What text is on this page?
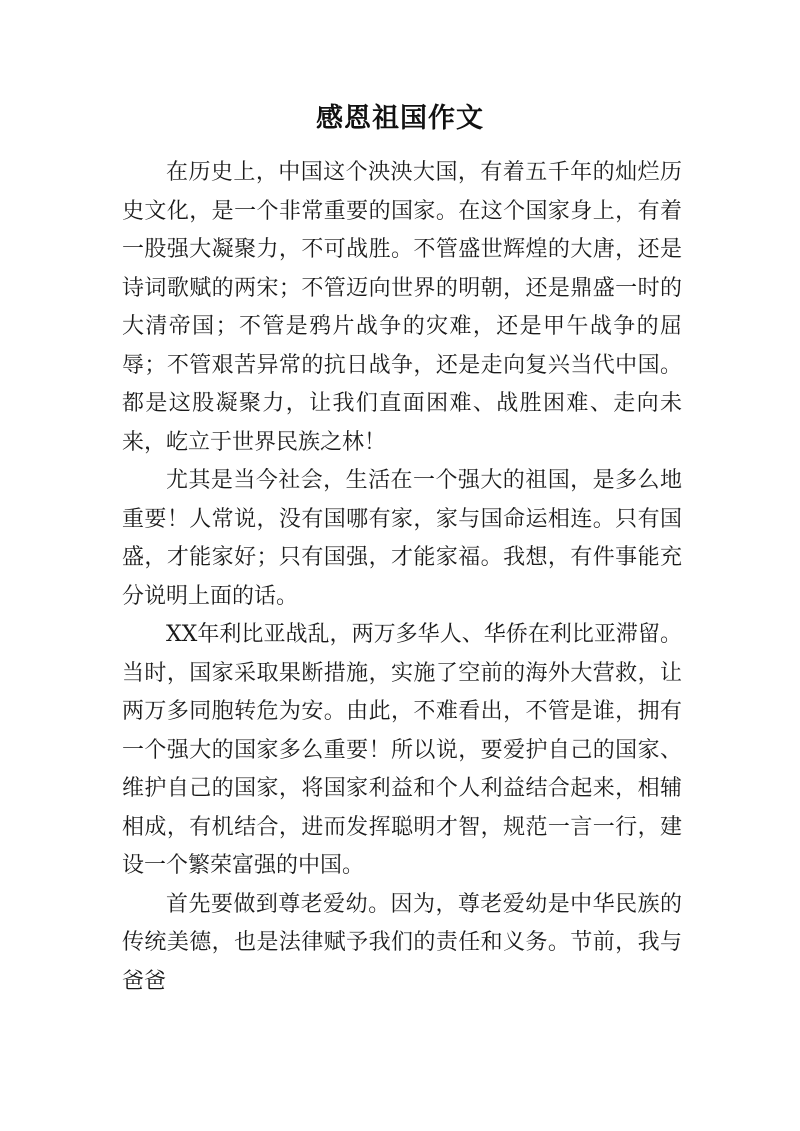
感恩祖国作文

在历史上，中国这个泱泱大国，有着五千年的灿烂历史文化，是一个非常重要的国家。在这个国家身上，有着一股强大凝聚力，不可战胜。不管盛世辉煌的大唐，还是诗词歌赋的两宋；不管迈向世界的明朝，还是鼎盛一时的大清帝国；不管是鸦片战争的灾难，还是甲午战争的屈辱；不管艰苦异常的抗日战争，还是走向复兴当代中国。都是这股凝聚力，让我们直面困难、战胜困难、走向未来，屹立于世界民族之林！

尤其是当今社会，生活在一个强大的祖国，是多么地重要！人常说，没有国哪有家，家与国命运相连。只有国盛，才能家好；只有国强，才能家福。我想，有件事能充分说明上面的话。

XX年利比亚战乱，两万多华人、华侨在利比亚滞留。当时，国家采取果断措施，实施了空前的海外大营救，让两万多同胞转危为安。由此，不难看出，不管是谁，拥有一个强大的国家多么重要！所以说，要爱护自己的国家、维护自己的国家，将国家利益和个人利益结合起来，相辅相成，有机结合，进而发挥聪明才智，规范一言一行，建设一个繁荣富强的中国。

首先要做到尊老爱幼。因为，尊老爱幼是中华民族的传统美德，也是法律赋予我们的责任和义务。节前，我与爸爸
